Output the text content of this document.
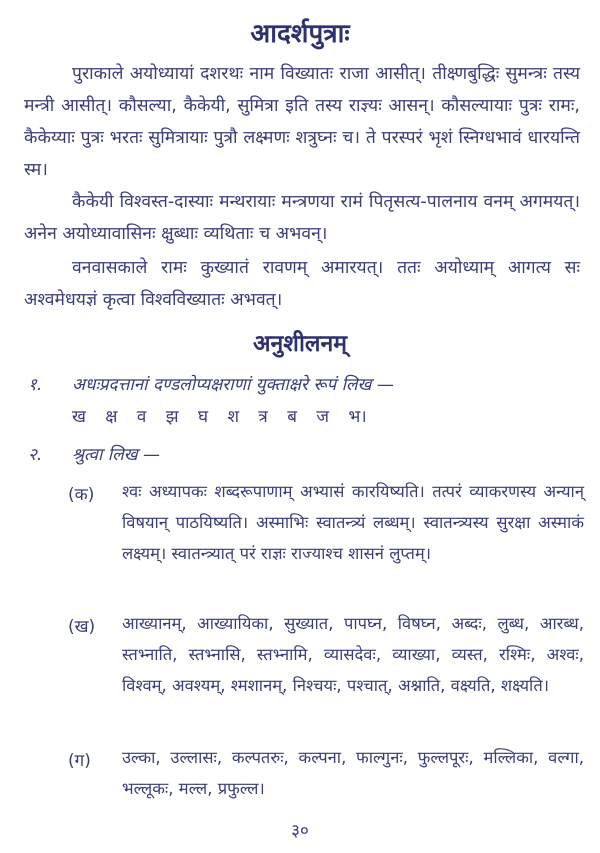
आदर्शपुत्राः

पुराकाले अयोध्यायां दशरथः नाम विख्यातः राजा आसीत्। तीक्ष्णबुद्धिः सुमन्त्रः तस्य मन्त्री आसीत्। कौसल्या, कैकेयी, सुमित्रा इति तस्य राज्ञ्यः आसन्। कौसल्यायाः पुत्रः रामः, कैकेय्याः पुत्रः भरतः सुमित्रायाः पुत्रौ लक्ष्मणः शत्रुघ्नः च। ते परस्परं भृशं स्निग्धभावं धारयन्ति स्म।

कैकेयी विश्वस्त-दास्याः मन्थरायाः मन्त्रणया रामं पितृसत्य-पालनाय वनम् अगमयत्। अनेन अयोध्यावासिनः क्षुब्धाः व्यथिताः च अभवन्।

वनवासकाले रामः कुख्यातं रावणम् अमारयत्। ततः अयोध्याम् आगत्य सः अश्वमेधयज्ञं कृत्वा विश्वविख्यातः अभवत्।

अनुशीलनम्
१. अधःप्रदत्तानां दण्डलोप्यक्षराणां युक्ताक्षरे रूपं लिख —
ख क्ष व झ घ श त्र ब ज भ।
२. श्रुत्वा लिख —
(क) श्वः अध्यापकः शब्दरूपाणाम् अभ्यासं कारयिष्यति। तत्परं व्याकरणस्य अन्यान् विषयान् पाठयिष्यति। अस्माभिः स्वातन्त्र्यं लब्धम्। स्वातन्त्र्यस्य सुरक्षा अस्माकं लक्ष्यम्। स्वातन्त्र्यात् परं राज्ञः राज्याश्च शासनं लुप्तम्।

(ख) आख्यानम्, आख्यायिका, सुख्यात, पापघ्न, विषघ्न, अब्दः, लुब्ध, आरब्ध, स्तभ्नाति, स्तभ्नासि, स्तभ्नामि, व्यासदेवः, व्याख्या, व्यस्त, रश्मिः, अश्वः, विश्वम्, अवश्यम्, श्मशानम्, निश्चयः, पश्चात्, अश्नाति, वक्ष्यति, शक्ष्यति।

(ग) उल्का, उल्लासः, कल्पतरुः, कल्पना, फाल्गुनः, फुल्लपूरः, मल्लिका, वल्गा, भल्लूकः, मल्ल, प्रफुल्ल।

३०
